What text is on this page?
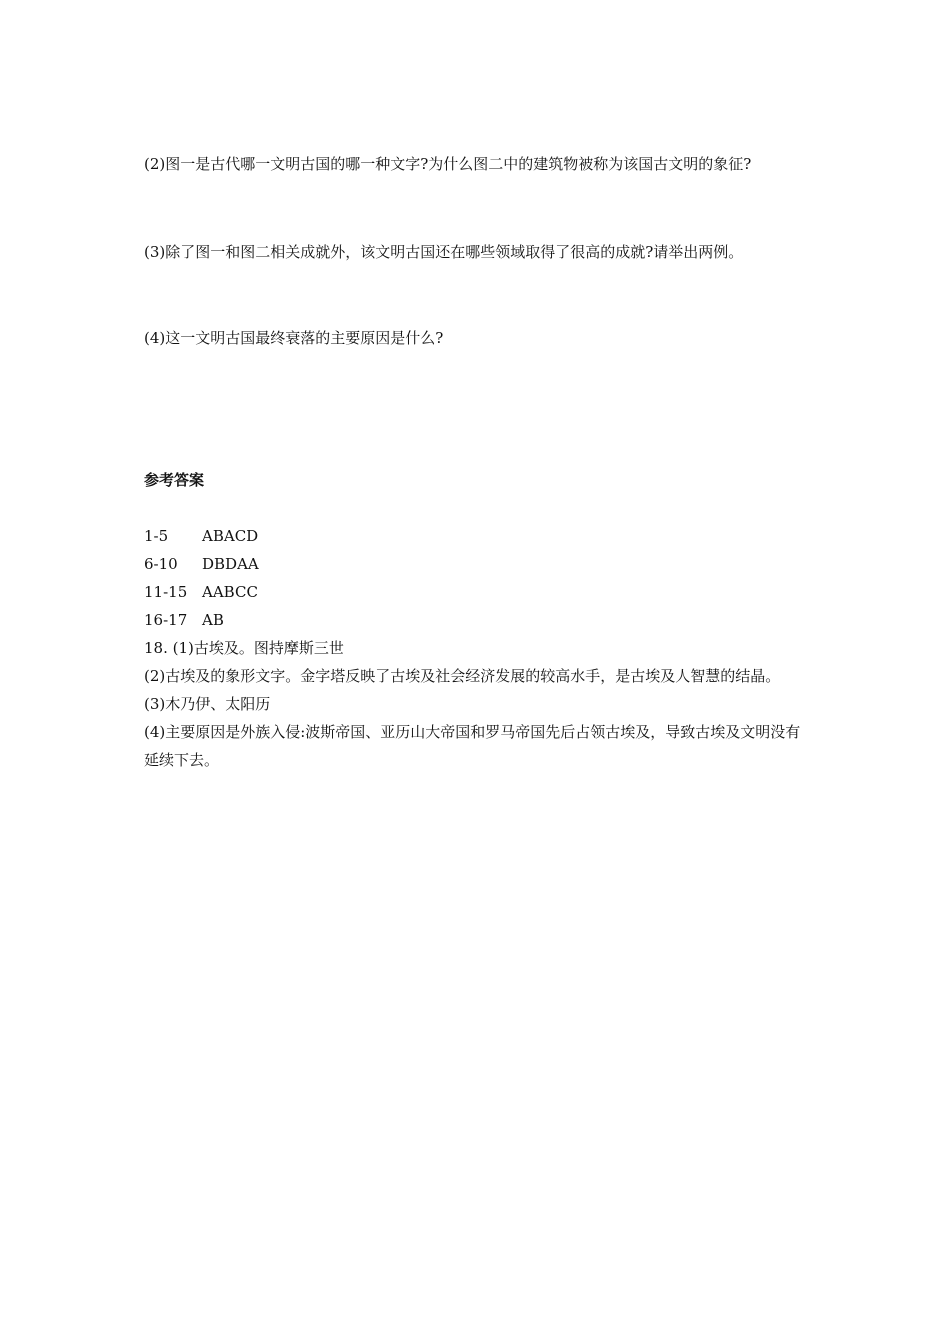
(2)图一是古代哪一文明古国的哪一种文字?为什么图二中的建筑物被称为该国古文明的象征?
(3)除了图一和图二相关成就外，该文明古国还在哪些领域取得了很高的成就?请举出两例。
(4)这一文明古国最终衰落的主要原因是什么?
参考答案
1-5	ABACD
6-10	DBDAA
11-15 AABCC
16-17 AB
18. (1)古埃及。图持摩斯三世
(2)古埃及的象形文字。金字塔反映了古埃及社会经济发展的较高水手，是古埃及人智慧的结晶。
(3)木乃伊、太阳历
(4)主要原因是外族入侵:波斯帝国、亚历山大帝国和罗马帝国先后占领古埃及，导致古埃及文明没有延续下去。
